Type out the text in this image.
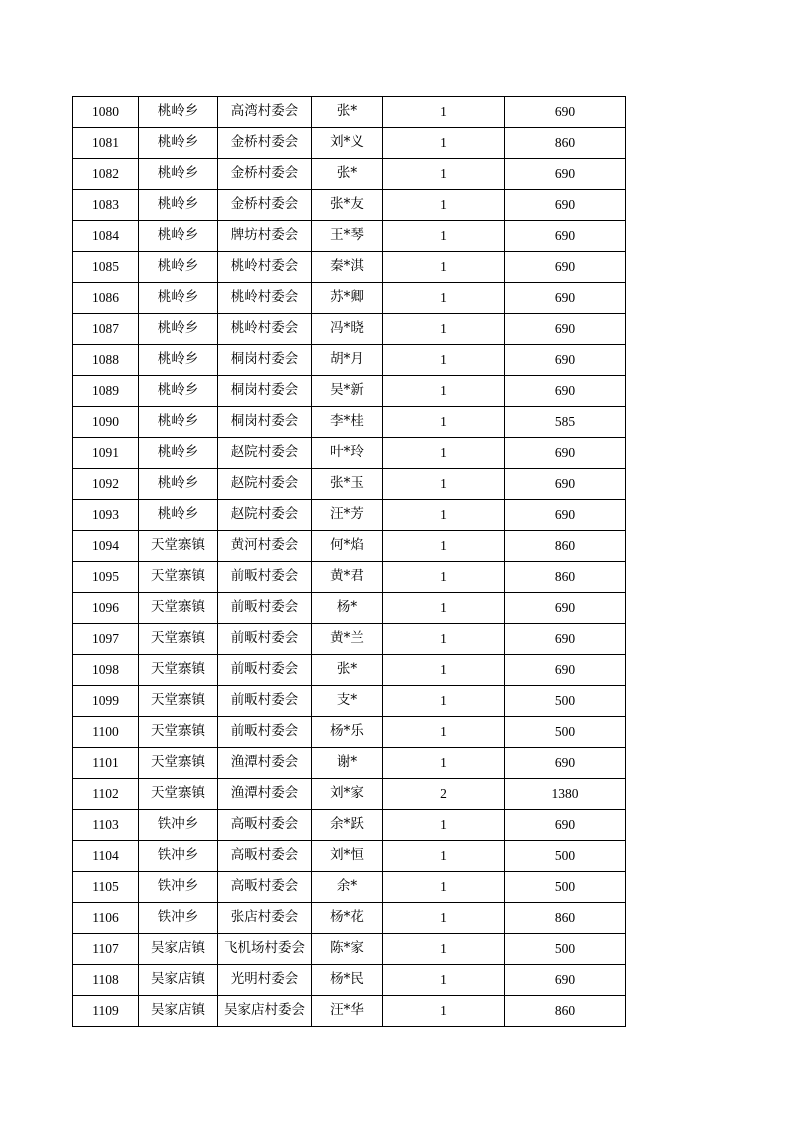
1080	桃岭乡	高湾村委会	张*	1	690
1081	桃岭乡	金桥村委会	刘*义	1	860
1082	桃岭乡	金桥村委会	张*	1	690
1083	桃岭乡	金桥村委会	张*友	1	690
1084	桃岭乡	牌坊村委会	王*琴	1	690
1085	桃岭乡	桃岭村委会	秦*淇	1	690
1086	桃岭乡	桃岭村委会	苏*卿	1	690
1087	桃岭乡	桃岭村委会	冯*晓	1	690
1088	桃岭乡	桐岗村委会	胡*月	1	690
1089	桃岭乡	桐岗村委会	吴*新	1	690
1090	桃岭乡	桐岗村委会	李*桂	1	585
1091	桃岭乡	赵院村委会	叶*玲	1	690
1092	桃岭乡	赵院村委会	张*玉	1	690
1093	桃岭乡	赵院村委会	汪*芳	1	690
1094	天堂寨镇	黄河村委会	何*焰	1	860
1095	天堂寨镇	前畈村委会	黄*君	1	860
1096	天堂寨镇	前畈村委会	杨*	1	690
1097	天堂寨镇	前畈村委会	黄*兰	1	690
1098	天堂寨镇	前畈村委会	张*	1	690
1099	天堂寨镇	前畈村委会	支*	1	500
1100	天堂寨镇	前畈村委会	杨*乐	1	500
1101	天堂寨镇	渔潭村委会	谢*	1	690
1102	天堂寨镇	渔潭村委会	刘*家	2	1380
1103	铁冲乡	高畈村委会	余*跃	1	690
1104	铁冲乡	高畈村委会	刘*恒	1	500
1105	铁冲乡	高畈村委会	余*	1	500
1106	铁冲乡	张店村委会	杨*花	1	860
1107	吴家店镇	飞机场村委会	陈*家	1	500
1108	吴家店镇	光明村委会	杨*民	1	690
1109	吴家店镇	吴家店村委会	汪*华	1	860
